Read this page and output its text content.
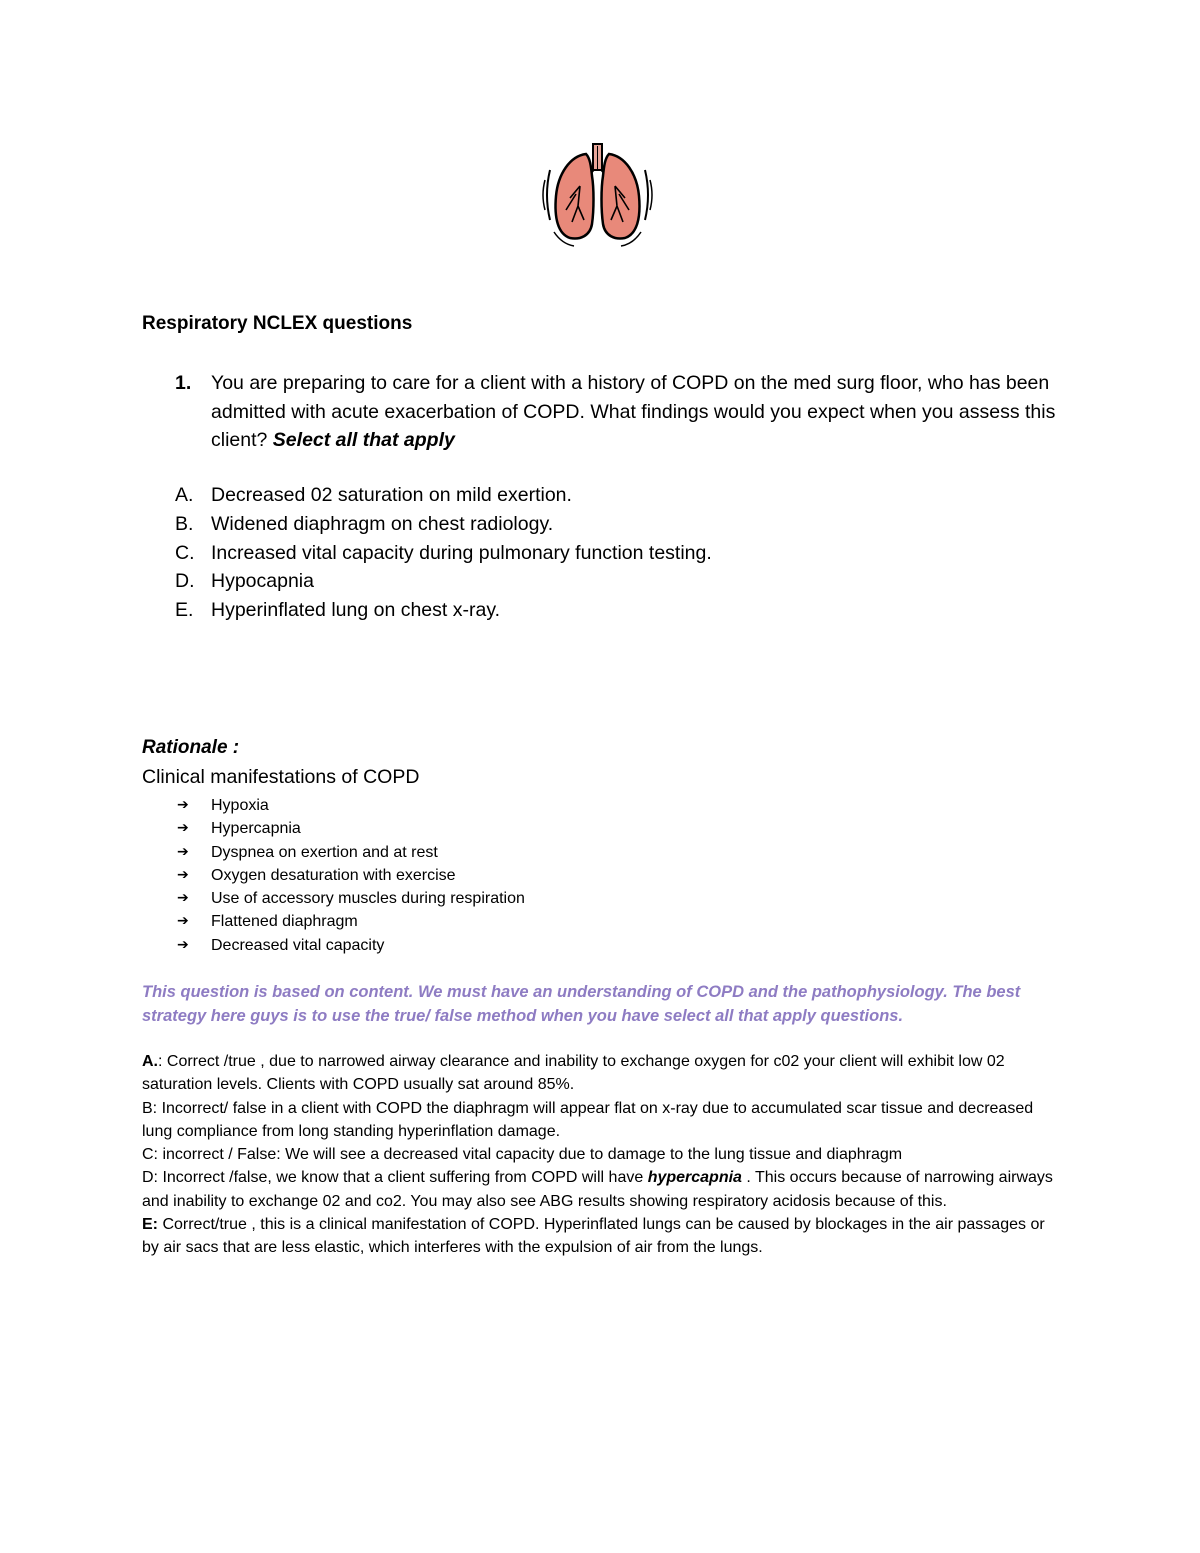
Respiratory NCLEX questions
1. You are preparing to care for a client with a history of COPD on the med surg floor, who has been admitted with acute exacerbation of COPD. What findings would you expect when you assess this client? Select all that apply
A. Decreased 02 saturation on mild exertion.
B. Widened diaphragm on chest radiology.
C. Increased vital capacity during pulmonary function testing.
D. Hypocapnia
E. Hyperinflated lung on chest x-ray.
Rationale :

Clinical manifestations of COPD

➔ Hypoxia
➔ Hypercapnia
➔ Dyspnea on exertion and at rest
➔ Oxygen desaturation with exercise
➔ Use of accessory muscles during respiration
➔ Flattened diaphragm
➔ Decreased vital capacity

This question is based on content. We must have an understanding of COPD and the pathophysiology. The best strategy here guys is to use the true/ false method when you have select all that apply questions.

A.: Correct /true , due to narrowed airway clearance and inability to exchange oxygen for c02 your client will exhibit low 02 saturation levels. Clients with COPD usually sat around 85%.

B: Incorrect/ false in a client with COPD the diaphragm will appear flat on x-ray due to accumulated scar tissue and decreased lung compliance from long standing hyperinflation damage.

C: incorrect / False: We will see a decreased vital capacity due to damage to the lung tissue and diaphragm

D: Incorrect /false, we know that a client suffering from COPD will have hypercapnia . This occurs because of narrowing airways and inability to exchange 02 and co2. You may also see ABG results showing respiratory acidosis because of this.

E: Correct/true , this is a clinical manifestation of COPD. Hyperinflated lungs can be caused by blockages in the air passages or by air sacs that are less elastic, which interferes with the expulsion of air from the lungs.
